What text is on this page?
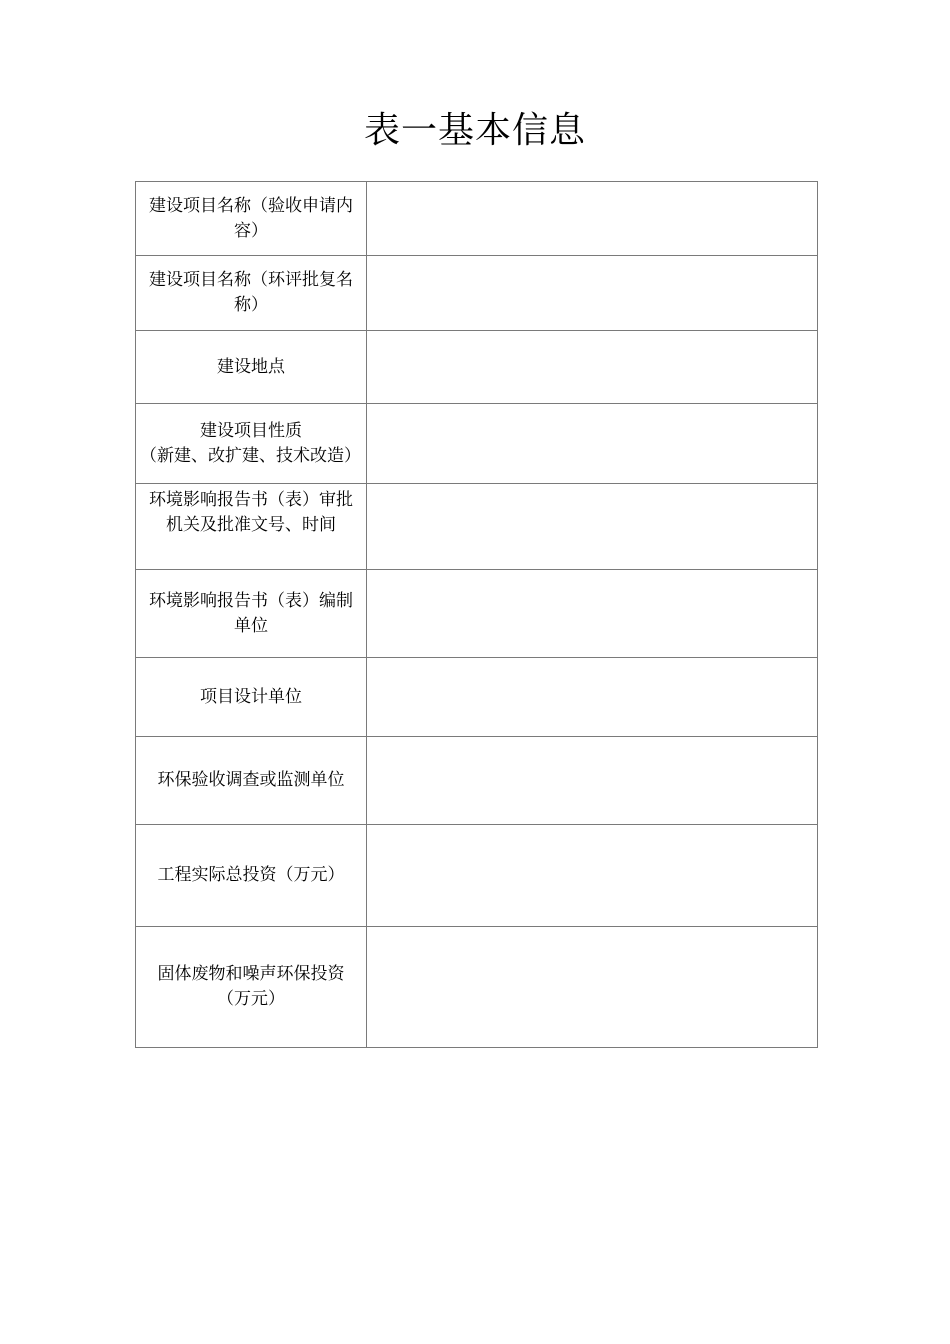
表一基本信息
建设项目名称（验收申请内容）	
建设项目名称（环评批复名称）	
建设地点	

建设项目性质
（新建、改扩建、技术改造）	

环境影响报告书（表）审批机关及批准文号、时间	
环境影响报告书（表）编制单位	
项目设计单位	
环保验收调查或监测单位	
工程实际总投资（万元）	
固体废物和噪声环保投资（万元）	
